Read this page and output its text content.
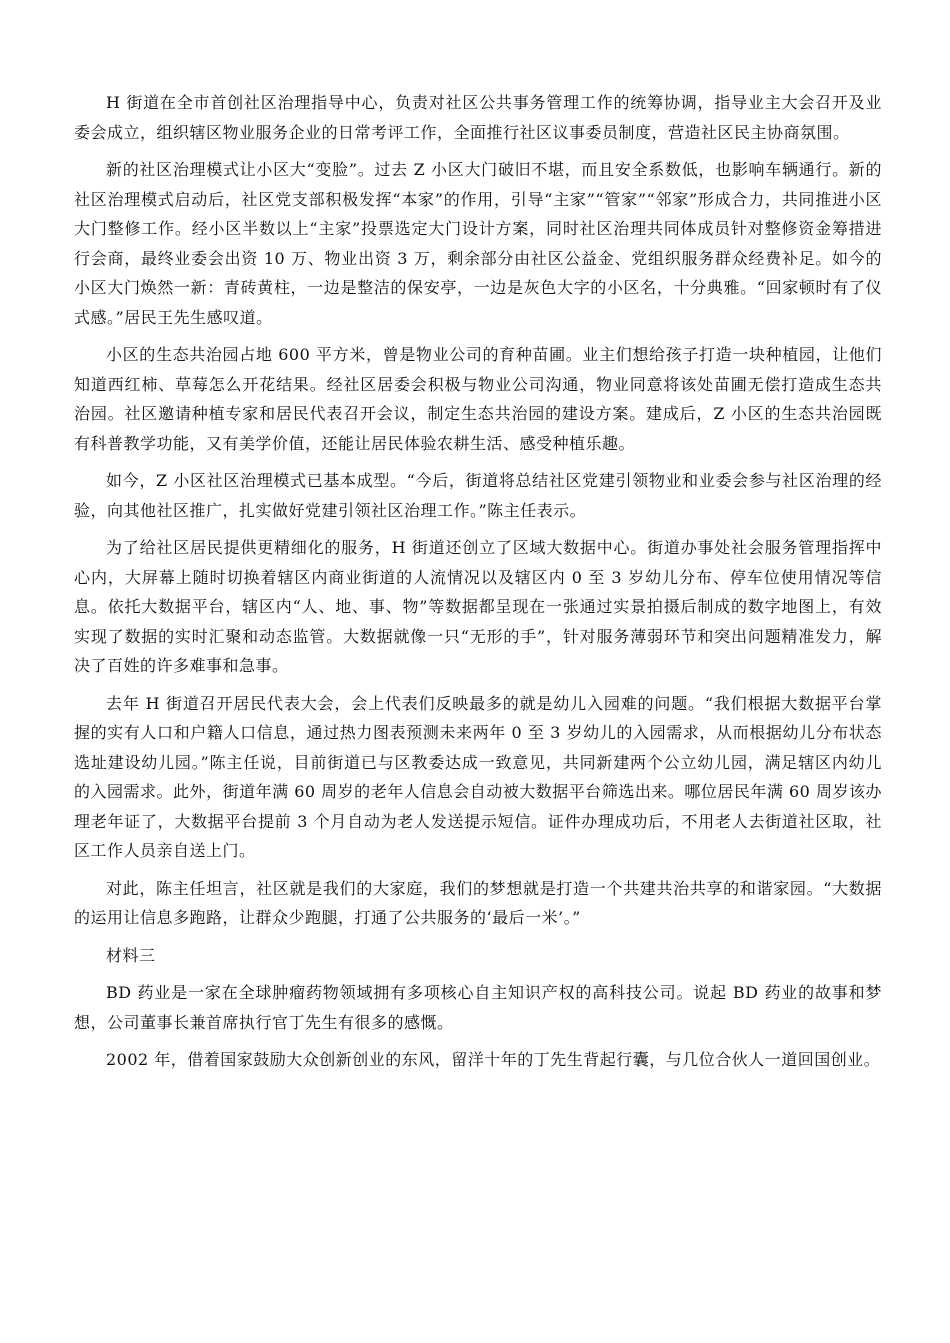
H 街道在全市首创社区治理指导中心，负责对社区公共事务管理工作的统筹协调，指导业主大会召开及业委会成立，组织辖区物业服务企业的日常考评工作，全面推行社区议事委员制度，营造社区民主协商氛围。

新的社区治理模式让小区大“变脸”。过去 Z 小区大门破旧不堪，而且安全系数低，也影响车辆通行。新的社区治理模式启动后，社区党支部积极发挥“本家”的作用，引导“主家”“管家”“邻家”形成合力，共同推进小区大门整修工作。经小区半数以上“主家”投票选定大门设计方案，同时社区治理共同体成员针对整修资金筹措进行会商，最终业委会出资 10 万、物业出资 3 万，剩余部分由社区公益金、党组织服务群众经费补足。如今的小区大门焕然一新：青砖黄柱，一边是整洁的保安亭，一边是灰色大字的小区名，十分典雅。“回家顿时有了仪式感。”居民王先生感叹道。

小区的生态共治园占地 600 平方米，曾是物业公司的育种苗圃。业主们想给孩子打造一块种植园，让他们知道西红柿、草莓怎么开花结果。经社区居委会积极与物业公司沟通，物业同意将该处苗圃无偿打造成生态共治园。社区邀请种植专家和居民代表召开会议，制定生态共治园的建设方案。建成后，Z 小区的生态共治园既有科普教学功能，又有美学价值，还能让居民体验农耕生活、感受种植乐趣。

如今，Z 小区社区治理模式已基本成型。“今后，街道将总结社区党建引领物业和业委会参与社区治理的经验，向其他社区推广，扎实做好党建引领社区治理工作。”陈主任表示。

为了给社区居民提供更精细化的服务，H 街道还创立了区域大数据中心。街道办事处社会服务管理指挥中心内，大屏幕上随时切换着辖区内商业街道的人流情况以及辖区内 0 至 3 岁幼儿分布、停车位使用情况等信息。依托大数据平台，辖区内“人、地、事、物”等数据都呈现在一张通过实景拍摄后制成的数字地图上，有效实现了数据的实时汇聚和动态监管。大数据就像一只“无形的手”，针对服务薄弱环节和突出问题精准发力，解决了百姓的许多难事和急事。

去年 H 街道召开居民代表大会，会上代表们反映最多的就是幼儿入园难的问题。“我们根据大数据平台掌握的实有人口和户籍人口信息，通过热力图表预测未来两年 0 至 3 岁幼儿的入园需求，从而根据幼儿分布状态选址建设幼儿园。”陈主任说，目前街道已与区教委达成一致意见，共同新建两个公立幼儿园，满足辖区内幼儿的入园需求。此外，街道年满 60 周岁的老年人信息会自动被大数据平台筛选出来。哪位居民年满 60 周岁该办理老年证了，大数据平台提前 3 个月自动为老人发送提示短信。证件办理成功后，不用老人去街道社区取，社区工作人员亲自送上门。

对此，陈主任坦言，社区就是我们的大家庭，我们的梦想就是打造一个共建共治共享的和谐家园。“大数据的运用让信息多跑路，让群众少跑腿，打通了公共服务的‘最后一米’。”

材料三

BD 药业是一家在全球肿瘤药物领域拥有多项核心自主知识产权的高科技公司。说起 BD 药业的故事和梦想，公司董事长兼首席执行官丁先生有很多的感慨。

2002 年，借着国家鼓励大众创新创业的东风，留洋十年的丁先生背起行囊，与几位合伙人一道回国创业。
